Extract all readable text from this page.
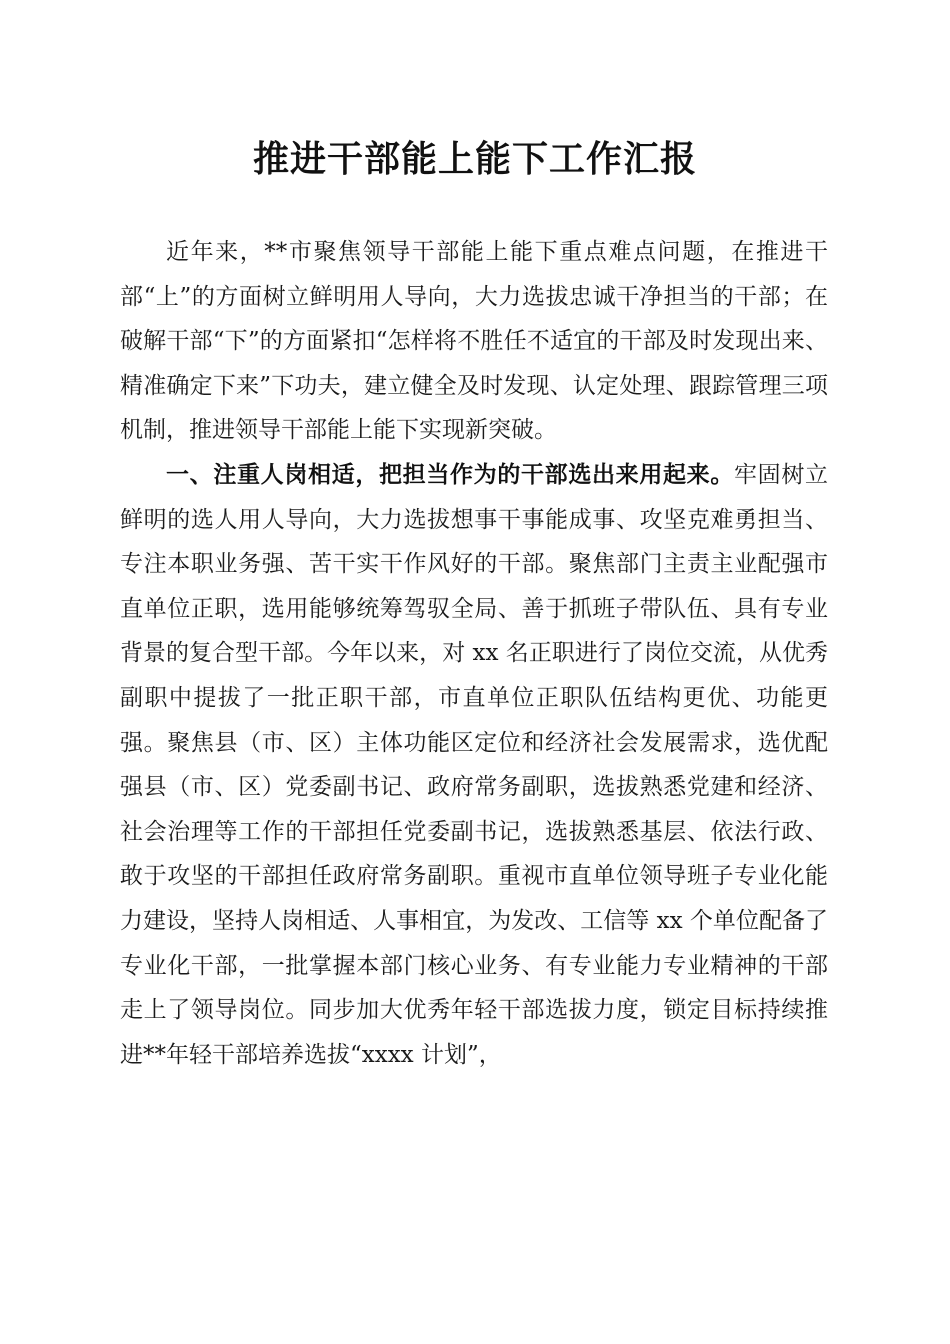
推进干部能上能下工作汇报

近年来，**市聚焦领导干部能上能下重点难点问题，在推进干部“上”的方面树立鲜明用人导向，大力选拔忠诚干净担当的干部；在破解干部“下”的方面紧扣“怎样将不胜任不适宜的干部及时发现出来、精准确定下来”下功夫，建立健全及时发现、认定处理、跟踪管理三项机制，推进领导干部能上能下实现新突破。

一、注重人岗相适，把担当作为的干部选出来用起来。牢固树立鲜明的选人用人导向，大力选拔想事干事能成事、攻坚克难勇担当、专注本职业务强、苦干实干作风好的干部。聚焦部门主责主业配强市直单位正职，选用能够统筹驾驭全局、善于抓班子带队伍、具有专业背景的复合型干部。今年以来，对 xx 名正职进行了岗位交流，从优秀副职中提拔了一批正职干部，市直单位正职队伍结构更优、功能更强。聚焦县（市、区）主体功能区定位和经济社会发展需求，选优配强县（市、区）党委副书记、政府常务副职，选拔熟悉党建和经济、社会治理等工作的干部担任党委副书记，选拔熟悉基层、依法行政、敢于攻坚的干部担任政府常务副职。重视市直单位领导班子专业化能力建设，坚持人岗相适、人事相宜，为发改、工信等 xx 个单位配备了专业化干部，一批掌握本部门核心业务、有专业能力专业精神的干部走上了领导岗位。同步加大优秀年轻干部选拔力度，锁定目标持续推进**年轻干部培养选拔“xxxx 计划”，
